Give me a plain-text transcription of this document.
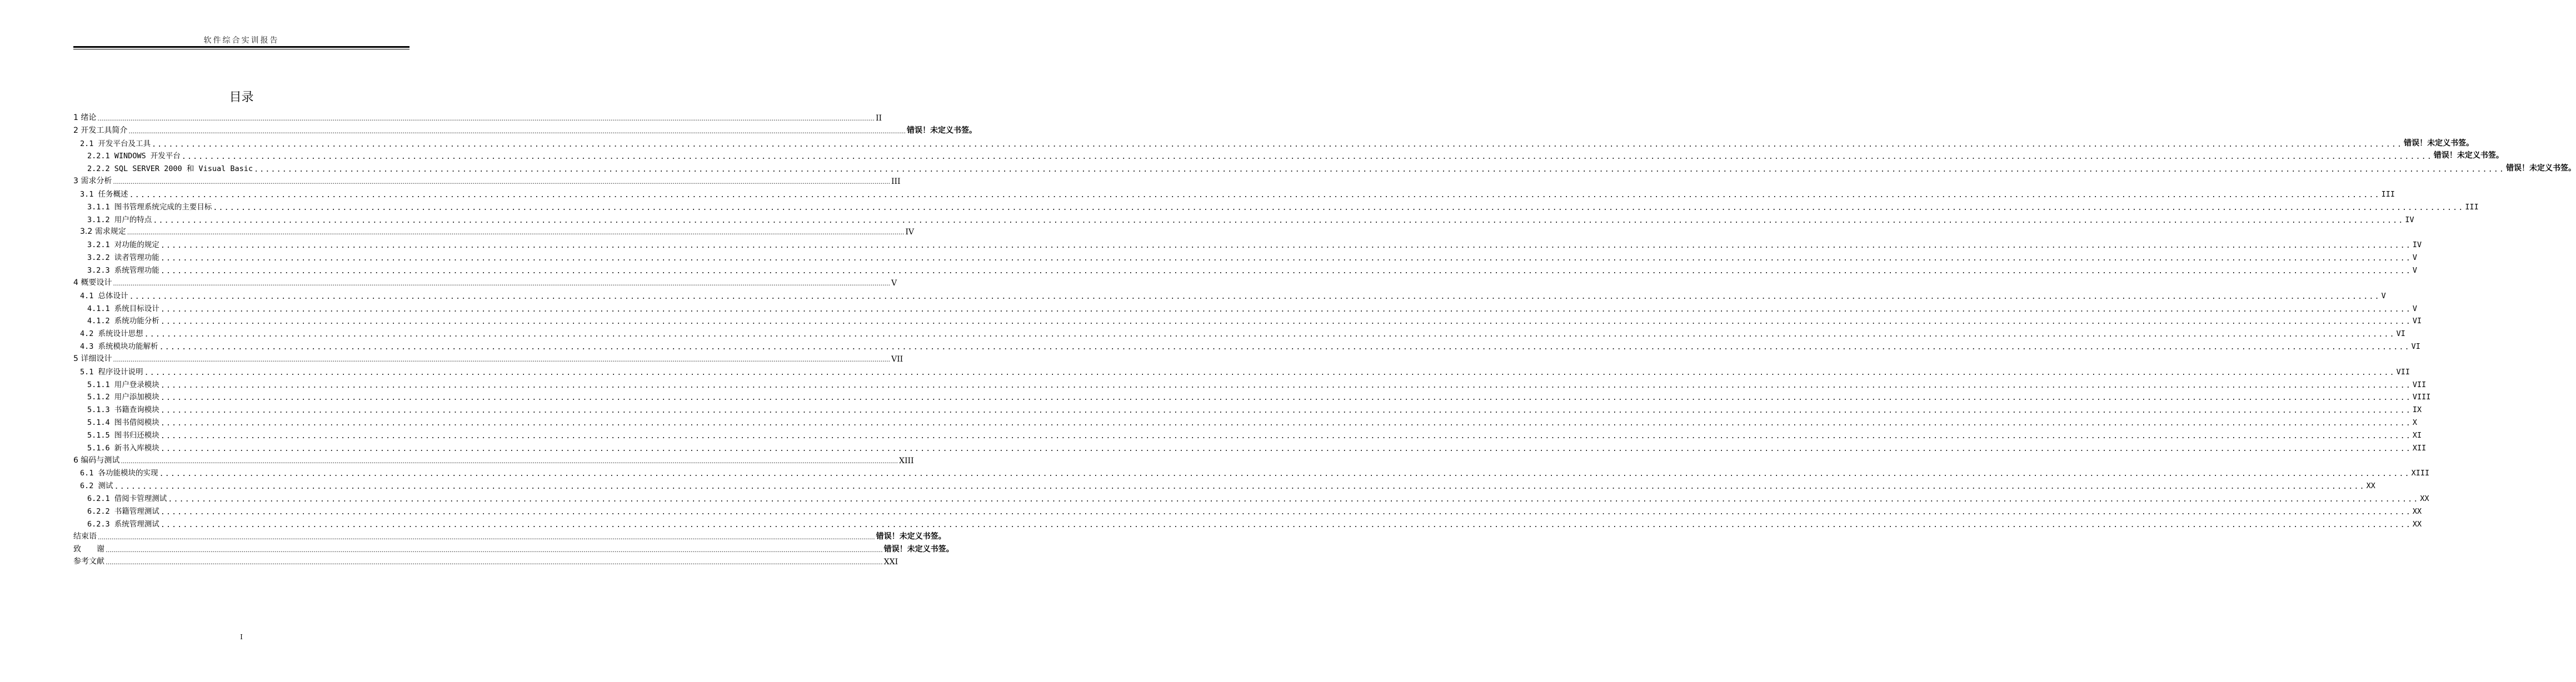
软件综合实训报告
目录
1 绪论 ................................................................................................................................................................................................................................................................................................................................................................................................................ II
2 开发工具简介 ................................................................................................................................................................................................................................................................................................................................................................................................................ 错误！未定义书签。
2.1 开发平台及工具 ................................................................................................................................................................................................................................................................................................................................................................................................................ 错误！未定义书签。
2.2.1 WINDOWS 开发平台 ................................................................................................................................................................................................................................................................................................................................................................................................................ 错误！未定义书签。
2.2.2 SQL SERVER 2000 和 Visual Basic ................................................................................................................................................................................................................................................................................................................................................................................................................ 错误！未定义书签。
3 需求分析 ................................................................................................................................................................................................................................................................................................................................................................................................................ III
3.1 任务概述 ................................................................................................................................................................................................................................................................................................................................................................................................................ III
3.1.1 图书管理系统完成的主要目标 ................................................................................................................................................................................................................................................................................................................................................................................................................ III
3.1.2 用户的特点 ................................................................................................................................................................................................................................................................................................................................................................................................................ IV
3.2 需求规定 ................................................................................................................................................................................................................................................................................................................................................................................................................ IV
3.2.1 对功能的规定 ................................................................................................................................................................................................................................................................................................................................................................................................................ IV
3.2.2 读者管理功能 ................................................................................................................................................................................................................................................................................................................................................................................................................ V
3.2.3 系统管理功能 ................................................................................................................................................................................................................................................................................................................................................................................................................ V
4 概要设计 ................................................................................................................................................................................................................................................................................................................................................................................................................ V
4.1 总体设计 ................................................................................................................................................................................................................................................................................................................................................................................................................ V
4.1.1 系统目标设计 ................................................................................................................................................................................................................................................................................................................................................................................................................ V
4.1.2 系统功能分析 ................................................................................................................................................................................................................................................................................................................................................................................................................ VI
4.2 系统设计思想 ................................................................................................................................................................................................................................................................................................................................................................................................................ VI
4.3 系统模块功能解析 ................................................................................................................................................................................................................................................................................................................................................................................................................ VI
5 详细设计 ................................................................................................................................................................................................................................................................................................................................................................................................................ VII
5.1 程序设计说明 ................................................................................................................................................................................................................................................................................................................................................................................................................ VII
5.1.1 用户登录模块 ................................................................................................................................................................................................................................................................................................................................................................................................................ VII
5.1.2 用户添加模块 ................................................................................................................................................................................................................................................................................................................................................................................................................ VIII
5.1.3 书籍查询模块 ................................................................................................................................................................................................................................................................................................................................................................................................................ IX
5.1.4 图书借阅模块 ................................................................................................................................................................................................................................................................................................................................................................................................................ X
5.1.5 图书归还模块 ................................................................................................................................................................................................................................................................................................................................................................................................................ XI
5.1.6 新书入库模块 ................................................................................................................................................................................................................................................................................................................................................................................................................ XII
6 编码与测试 ................................................................................................................................................................................................................................................................................................................................................................................................................ XIII
6.1 各功能模块的实现 ................................................................................................................................................................................................................................................................................................................................................................................................................ XIII
6.2 测试 ................................................................................................................................................................................................................................................................................................................................................................................................................ XX
6.2.1 借阅卡管理测试 ................................................................................................................................................................................................................................................................................................................................................................................................................ XX
6.2.2 书籍管理测试 ................................................................................................................................................................................................................................................................................................................................................................................................................ XX
6.2.3 系统管理测试 ................................................................................................................................................................................................................................................................................................................................................................................................................ XX
结束语 ................................................................................................................................................................................................................................................................................................................................................................................................................ 错误！未定义书签。
致　　谢 ................................................................................................................................................................................................................................................................................................................................................................................................................ 错误！未定义书签。
参考文献 ................................................................................................................................................................................................................................................................................................................................................................................................................ XXI
I
